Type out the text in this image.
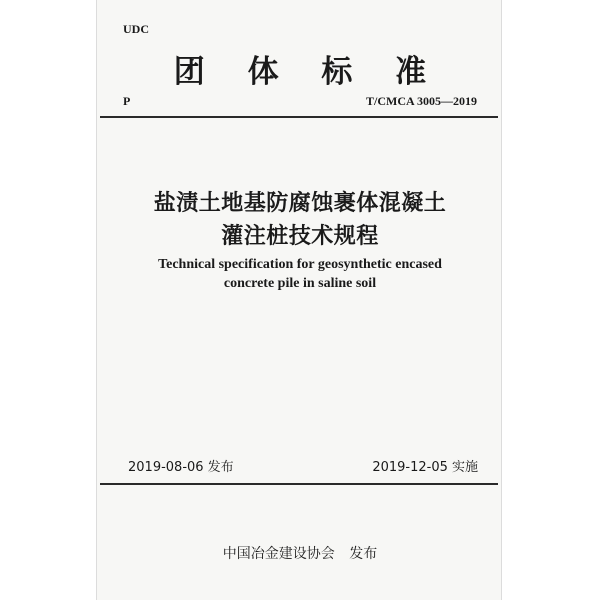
UDC

团 体 标 准

P	T/CMCA 3005—2019

盐渍土地基防腐蚀裹体混凝土

灌注桩技术规程

Technical specification for geosynthetic encased

concrete pile in saline soil

2019-08-06 发布	2019-12-05 实施

中国冶金建设协会 发布
